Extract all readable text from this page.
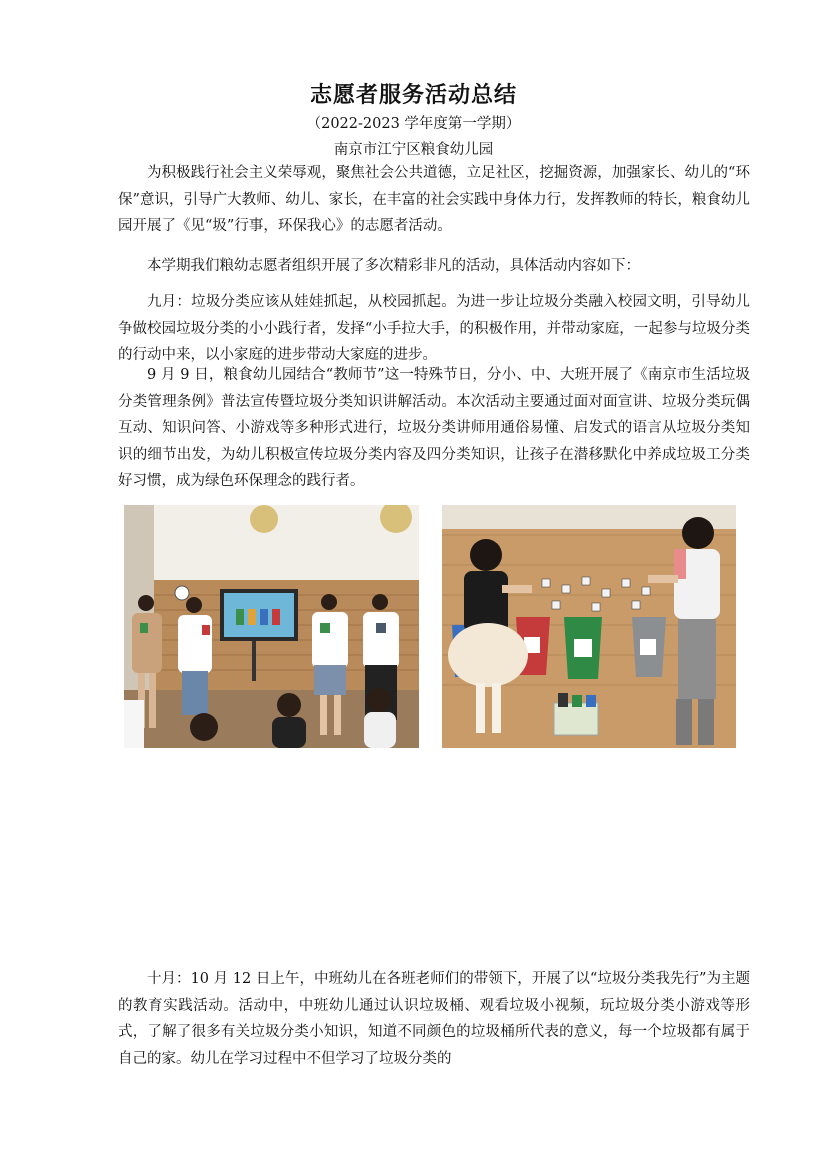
志愿者服务活动总结
（2022-2023 学年度第一学期）
南京市江宁区粮食幼儿园

为积极践行社会主义荣辱观，聚焦社会公共道德，立足社区，挖掘资源，加强家长、幼儿的“环保”意识，引导广大教师、幼儿、家长，在丰富的社会实践中身体力行，发挥教师的特长，粮食幼儿园开展了《见“圾”行事，环保我心》的志愿者活动。

本学期我们粮幼志愿者组织开展了多次精彩非凡的活动，具体活动内容如下：

九月：垃圾分类应该从娃娃抓起，从校园抓起。为进一步让垃圾分类融入校园文明，引导幼儿争做校园垃圾分类的小小践行者，发择“小手拉大手，的积极作用，并带动家庭，一起参与垃圾分类的行动中来，以小家庭的进步带动大家庭的进步。

9 月 9 日，粮食幼儿园结合“教师节”这一特殊节日，分小、中、大班开展了《南京市生活垃圾分类管理条例》普法宣传暨垃圾分类知识讲解活动。本次活动主要通过面对面宣讲、垃圾分类玩偶互动、知识问答、小游戏等多种形式进行，垃圾分类讲师用通俗易懂、启发式的语言从垃圾分类知识的细节出发，为幼儿积极宣传垃圾分类内容及四分类知识，让孩子在潜移默化中养成垃圾工分类好习惯，成为绿色环保理念的践行者。

十月：10 月 12 日上午，中班幼儿在各班老师们的带领下，开展了以“垃圾分类我先行”为主题的教育实践活动。活动中，中班幼儿通过认识垃圾桶、观看垃圾小视频，玩垃圾分类小游戏等形式，了解了很多有关垃圾分类小知识，知道不同颜色的垃圾桶所代表的意义，每一个垃圾都有属于自己的家。幼儿在学习过程中不但学习了垃圾分类的
